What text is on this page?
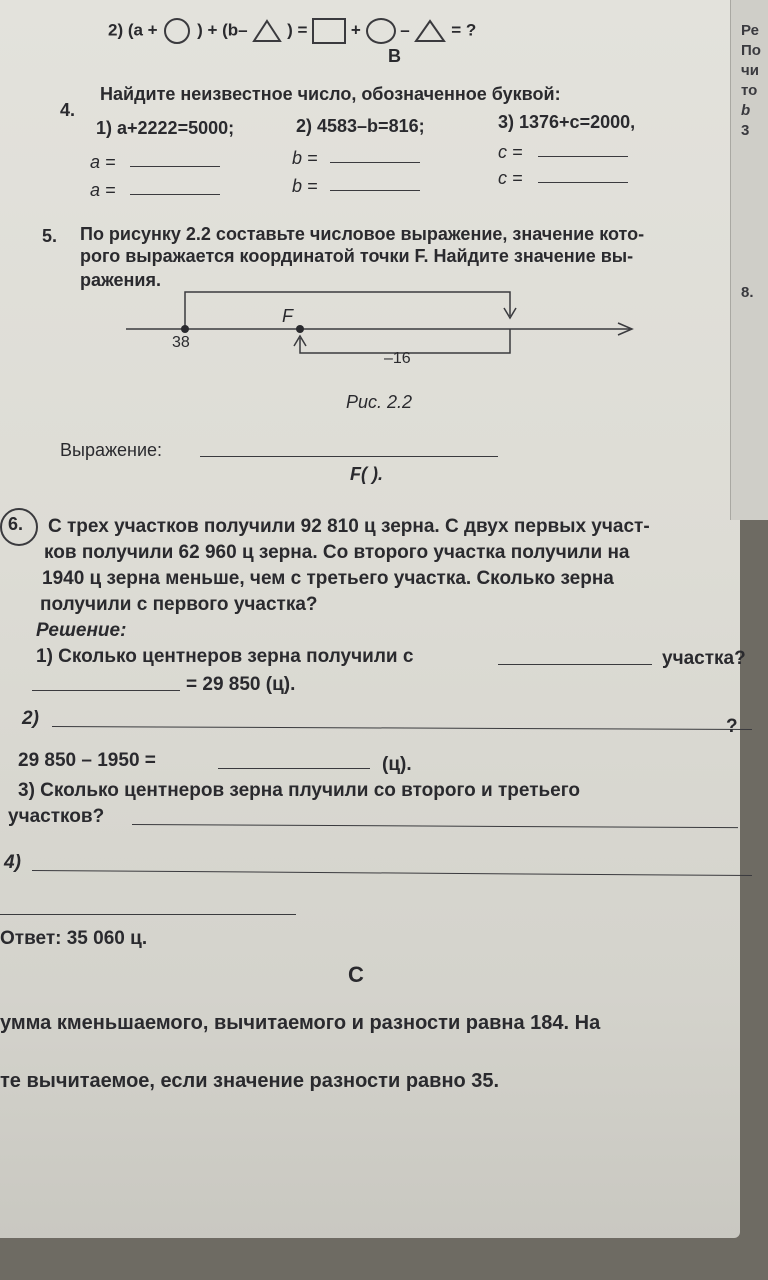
2) (a + ) + (b– ) =	+ – = ?
B
4.
Найдите неизвестное число, обозначенное буквой:
1) a+2222=5000;	2) 4583–b=816;	3) 1376+c=2000,
a =
a =
b =
b =
c =
c =
5. По рисунку 2.2 составьте числовое выражение, значение кото-
рого выражается координатой точки F. Найдите значение вы-
ражения.
F
38
–16
Рис. 2.2
Выражение:
F( ).
6. С трех участков получили 92 810 ц зерна. С двух первых участ-
ков получили 62 960 ц зерна. Со второго участка получили на
1940 ц зерна меньше, чем с третьего участка. Сколько зерна
получили с первого участка?
Решение:
1) Сколько центнеров зерна получили с	участка?
= 29 850 (ц).
2)	?
29 850 – 1950 =	(ц).
3) Сколько центнеров зерна плучили со второго и третьего
участков?
4)
Ответ: 35 060 ц.
C
умма кменьшаемого, вычитаемого и разности равна 184. На
те вычитаемое, если значение разности равно 35.
Ре
По
чи
то
b
3
8.
